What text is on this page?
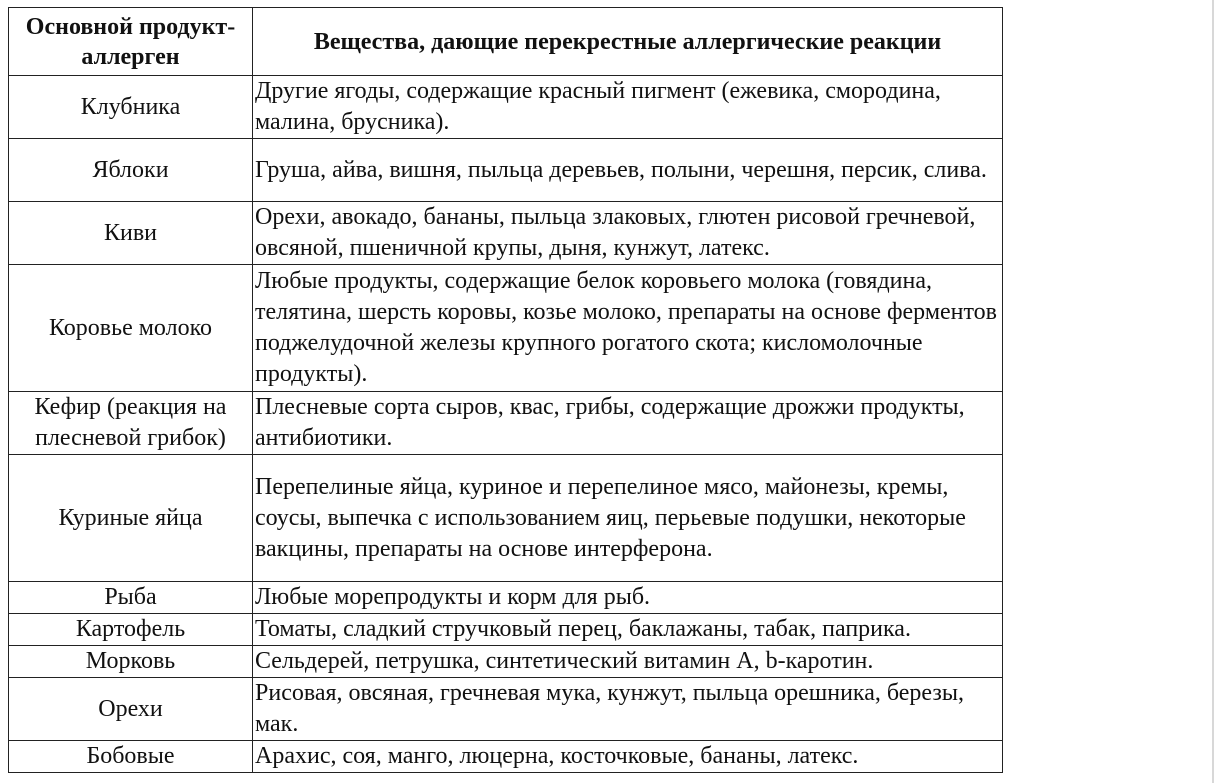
Основной продукт-аллерген	Вещества, дающие перекрестные аллергические реакции
Клубника	Другие ягоды, содержащие красный пигмент (ежевика, смородина, малина, брусника).
Яблоки	Груша, айва, вишня, пыльца деревьев, полыни, черешня, персик, слива.
Киви	Орехи, авокадо, бананы, пыльца злаковых, глютен рисовой гречневой, овсяной, пшеничной крупы, дыня, кунжут, латекс.
Коровье молоко	Любые продукты, содержащие белок коровьего молока (говядина, телятина, шерсть коровы, козье молоко, препараты на основе ферментов поджелудочной железы крупного рогатого скота; кисломолочные продукты).
Кефир (реакция на плесневой грибок)	Плесневые сорта сыров, квас, грибы, содержащие дрожжи продукты, антибиотики.
Куриные яйца	Перепелиные яйца, куриное и перепелиное мясо, майонезы, кремы, соусы, выпечка с использованием яиц, перьевые подушки, некоторые вакцины, препараты на основе интерферона.
Рыба	Любые морепродукты и корм для рыб.
Картофель	Томаты, сладкий стручковый перец, баклажаны, табак, паприка.
Морковь	Сельдерей, петрушка, синтетический витамин А, b-каротин.
Орехи	Рисовая, овсяная, гречневая мука, кунжут, пыльца орешника, березы, мак.
Бобовые	Арахис, соя, манго, люцерна, косточковые, бананы, латекс.
